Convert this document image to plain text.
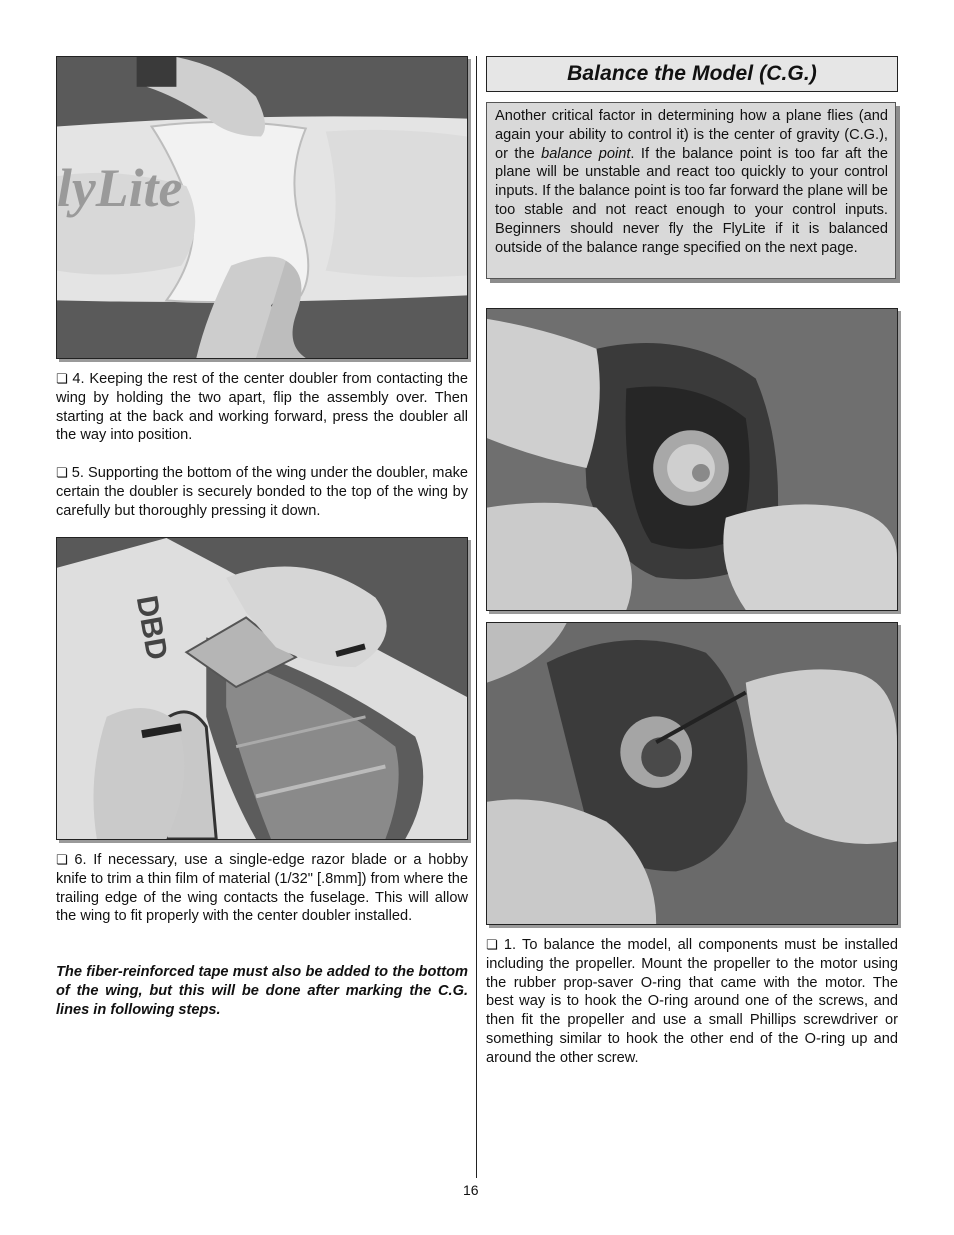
lyLite

❏ 4. Keeping the rest of the center doubler from contacting the wing by holding the two apart, flip the assembly over. Then starting at the back and working forward, press the doubler all the way into position.

❏ 5. Supporting the bottom of the wing under the doubler, make certain the doubler is securely bonded to the top of the wing by carefully but thoroughly pressing it down.

DBD

❏ 6. If necessary, use a single-edge razor blade or a hobby knife to trim a thin film of material (1/32" [.8mm]) from where the trailing edge of the wing contacts the fuselage. This will allow the wing to fit properly with the center doubler installed.

The fiber-reinforced tape must also be added to the bottom of the wing, but this will be done after marking the C.G. lines in following steps.

Balance the Model (C.G.)

Another critical factor in determining how a plane flies (and again your ability to control it) is the center of gravity (C.G.), or the balance point. If the balance point is too far aft the plane will be unstable and react too quickly to your control inputs. If the balance point is too far forward the plane will be too stable and not react enough to your control inputs. Beginners should never fly the FlyLite if it is balanced outside of the balance range specified on the next page.

❏ 1. To balance the model, all components must be installed including the propeller. Mount the propeller to the motor using the rubber prop-saver O-ring that came with the motor. The best way is to hook the O-ring around one of the screws, and then fit the propeller and use a small Phillips screwdriver or something similar to hook the other end of the O-ring up and around the other screw.

16
